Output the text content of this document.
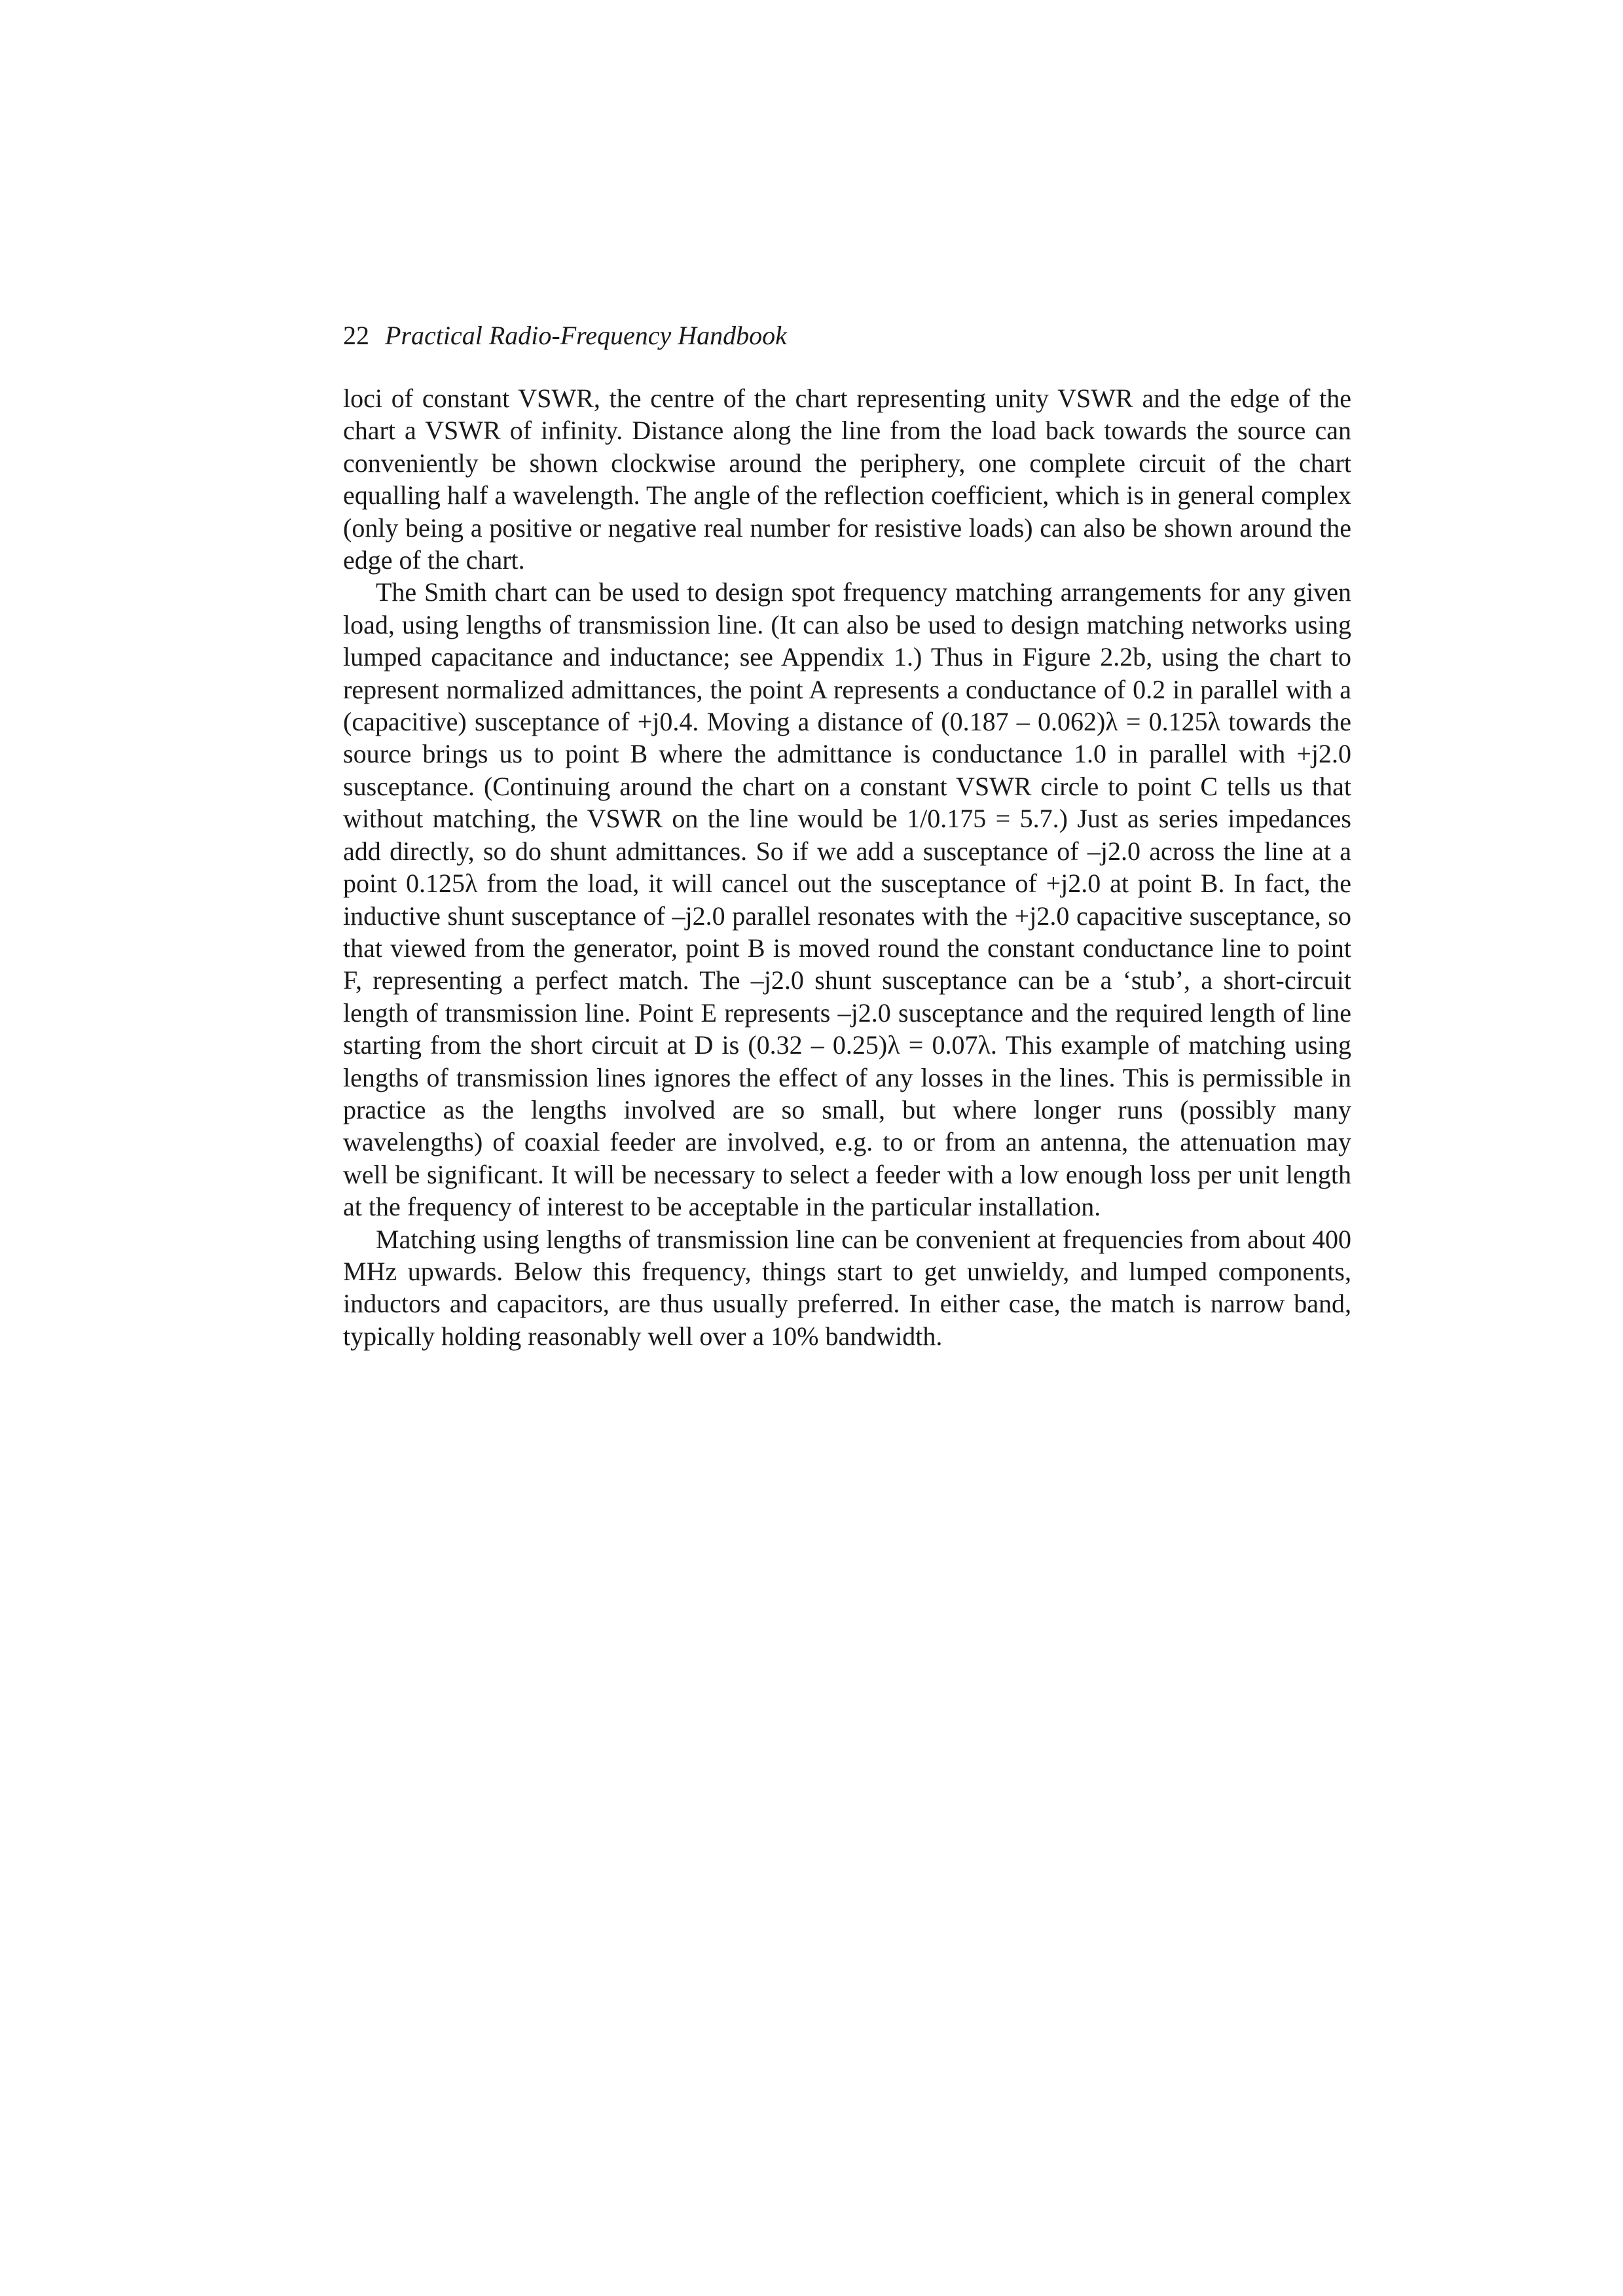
22 Practical Radio-Frequency Handbook

loci of constant VSWR, the centre of the chart representing unity VSWR and the edge of the chart a VSWR of infinity. Distance along the line from the load back towards the source can conveniently be shown clockwise around the periphery, one complete circuit of the chart equalling half a wavelength. The angle of the reflection coefficient, which is in general complex (only being a positive or negative real number for resistive loads) can also be shown around the edge of the chart.

The Smith chart can be used to design spot frequency matching arrangements for any given load, using lengths of transmission line. (It can also be used to design matching networks using lumped capacitance and inductance; see Appendix 1.) Thus in Figure 2.2b, using the chart to represent normalized admittances, the point A represents a conductance of 0.2 in parallel with a (capacitive) susceptance of +j0.4. Moving a distance of (0.187 – 0.062)λ = 0.125λ towards the source brings us to point B where the admittance is conductance 1.0 in parallel with +j2.0 susceptance. (Continuing around the chart on a constant VSWR circle to point C tells us that without matching, the VSWR on the line would be 1/0.175 = 5.7.) Just as series impedances add directly, so do shunt admittances. So if we add a susceptance of –j2.0 across the line at a point 0.125λ from the load, it will cancel out the susceptance of +j2.0 at point B. In fact, the inductive shunt susceptance of –j2.0 parallel resonates with the +j2.0 capacitive susceptance, so that viewed from the generator, point B is moved round the constant conductance line to point F, representing a perfect match. The –j2.0 shunt susceptance can be a ‘stub’, a short-circuit length of transmission line. Point E represents –j2.0 susceptance and the required length of line starting from the short circuit at D is (0.32 – 0.25)λ = 0.07λ. This example of matching using lengths of transmission lines ignores the effect of any losses in the lines. This is permissible in practice as the lengths involved are so small, but where longer runs (possibly many wavelengths) of coaxial feeder are involved, e.g. to or from an antenna, the attenuation may well be significant. It will be necessary to select a feeder with a low enough loss per unit length at the frequency of interest to be acceptable in the particular installation.

Matching using lengths of transmission line can be convenient at frequencies from about 400 MHz upwards. Below this frequency, things start to get unwieldy, and lumped components, inductors and capacitors, are thus usually preferred. In either case, the match is narrow band, typically holding reasonably well over a 10% bandwidth.
